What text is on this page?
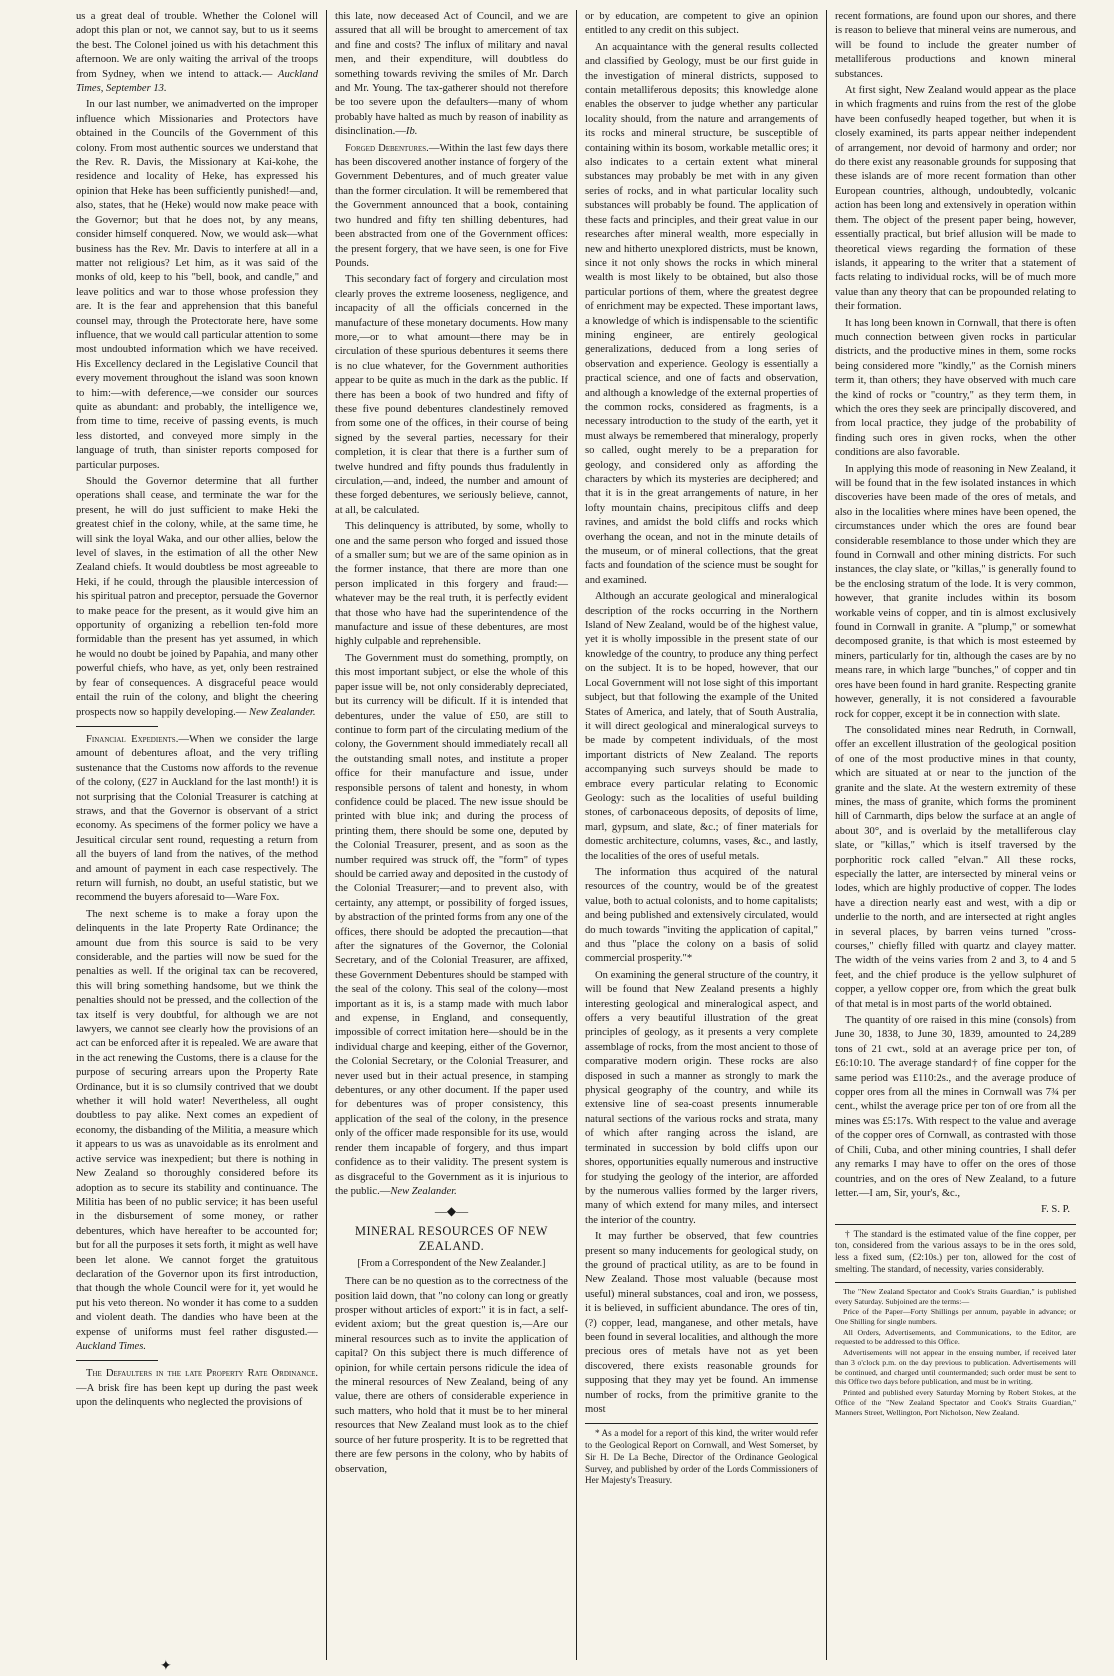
us a great deal of trouble. Whether the Colonel will adopt this plan or not, we cannot say, but to us it seems the best. The Colonel joined us with his detachment this afternoon. We are only waiting the arrival of the troops from Sydney, when we intend to attack.— Auckland Times, September 13.

In our last number, we animadverted on the improper influence which Missionaries and Protectors have obtained in the Councils of the Government of this colony. From most authentic sources we understand that the Rev. R. Davis, the Missionary at Kai-kohe, the residence and locality of Heke, has expressed his opinion that Heke has been sufficiently punished!—and, also, states, that he (Heke) would now make peace with the Governor; but that he does not, by any means, consider himself conquered. Now, we would ask—what business has the Rev. Mr. Davis to interfere at all in a matter not religious? Let him, as it was said of the monks of old, keep to his "bell, book, and candle," and leave politics and war to those whose profession they are. It is the fear and apprehension that this baneful counsel may, through the Protectorate here, have some influence, that we would call particular attention to some most undoubted information which we have received. His Excellency declared in the Legislative Council that every movement throughout the island was soon known to him:—with deference,—we consider our sources quite as abundant: and probably, the intelligence we, from time to time, receive of passing events, is much less distorted, and conveyed more simply in the language of truth, than sinister reports composed for particular purposes.

Should the Governor determine that all further operations shall cease, and terminate the war for the present, he will do just sufficient to make Heki the greatest chief in the colony, while, at the same time, he will sink the loyal Waka, and our other allies, below the level of slaves, in the estimation of all the other New Zealand chiefs. It would doubtless be most agreeable to Heki, if he could, through the plausible intercession of his spiritual patron and preceptor, persuade the Governor to make peace for the present, as it would give him an opportunity of organizing a rebellion ten-fold more formidable than the present has yet assumed, in which he would no doubt be joined by Papahia, and many other powerful chiefs, who have, as yet, only been restrained by fear of consequences. A disgraceful peace would entail the ruin of the colony, and blight the cheering prospects now so happily developing.— New Zealander.

Financial Expedients.—When we consider the large amount of debentures afloat, and the very trifling sustenance that the Customs now affords to the revenue of the colony, (£27 in Auckland for the last month!) it is not surprising that the Colonial Treasurer is catching at straws, and that the Governor is observant of a strict economy. As specimens of the former policy we have a Jesuitical circular sent round, requesting a return from all the buyers of land from the natives, of the method and amount of payment in each case respectively. The return will furnish, no doubt, an useful statistic, but we recommend the buyers aforesaid to—Ware Fox.

The next scheme is to make a foray upon the delinquents in the late Property Rate Ordinance; the amount due from this source is said to be very considerable, and the parties will now be sued for the penalties as well. If the original tax can be recovered, this will bring something handsome, but we think the penalties should not be pressed, and the collection of the tax itself is very doubtful, for although we are not lawyers, we cannot see clearly how the provisions of an act can be enforced after it is repealed. We are aware that in the act renewing the Customs, there is a clause for the purpose of securing arrears upon the Property Rate Ordinance, but it is so clumsily contrived that we doubt whether it will hold water! Nevertheless, all ought doubtless to pay alike. Next comes an expedient of economy, the disbanding of the Militia, a measure which it appears to us was as unavoidable as its enrolment and active service was inexpedient; but there is nothing in New Zealand so thoroughly considered before its adoption as to secure its stability and continuance. The Militia has been of no public service; it has been useful in the disbursement of some money, or rather debentures, which have hereafter to be accounted for; but for all the purposes it sets forth, it might as well have been let alone. We cannot forget the gratuitous declaration of the Governor upon its first introduction, that though the whole Council were for it, yet would he put his veto thereon. No wonder it has come to a sudden and violent death. The dandies who have been at the expense of uniforms must feel rather disgusted.—Auckland Times.

The Defaulters in the late Property Rate Ordinance.—A brisk fire has been kept up during the past week upon the delinquents who neglected the provisions of

this late, now deceased Act of Council, and we are assured that all will be brought to amercement of tax and fine and costs? The influx of military and naval men, and their expenditure, will doubtless do something towards reviving the smiles of Mr. Darch and Mr. Young. The tax-gatherer should not therefore be too severe upon the defaulters—many of whom probably have halted as much by reason of inability as disinclination.—Ib.

Forged Debentures.—Within the last few days there has been discovered another instance of forgery of the Government Debentures, and of much greater value than the former circulation. It will be remembered that the Government announced that a book, containing two hundred and fifty ten shilling debentures, had been abstracted from one of the Government offices: the present forgery, that we have seen, is one for Five Pounds.

This secondary fact of forgery and circulation most clearly proves the extreme looseness, negligence, and incapacity of all the officials concerned in the manufacture of these monetary documents. How many more,—or to what amount—there may be in circulation of these spurious debentures it seems there is no clue whatever, for the Government authorities appear to be quite as much in the dark as the public. If there has been a book of two hundred and fifty of these five pound debentures clandestinely removed from some one of the offices, in their course of being signed by the several parties, necessary for their completion, it is clear that there is a further sum of twelve hundred and fifty pounds thus fradulently in circulation,—and, indeed, the number and amount of these forged debentures, we seriously believe, cannot, at all, be calculated.

This delinquency is attributed, by some, wholly to one and the same person who forged and issued those of a smaller sum; but we are of the same opinion as in the former instance, that there are more than one person implicated in this forgery and fraud:—whatever may be the real truth, it is perfectly evident that those who have had the superintendence of the manufacture and issue of these debentures, are most highly culpable and reprehensible.

The Government must do something, promptly, on this most important subject, or else the whole of this paper issue will be, not only considerably depreciated, but its currency will be dificult. If it is intended that debentures, under the value of £50, are still to continue to form part of the circulating medium of the colony, the Government should immediately recall all the outstanding small notes, and institute a proper office for their manufacture and issue, under responsible persons of talent and honesty, in whom confidence could be placed. The new issue should be printed with blue ink; and during the process of printing them, there should be some one, deputed by the Colonial Treasurer, present, and as soon as the number required was struck off, the "form" of types should be carried away and deposited in the custody of the Colonial Treasurer;—and to prevent also, with certainty, any attempt, or possibility of forged issues, by abstraction of the printed forms from any one of the offices, there should be adopted the precaution—that after the signatures of the Governor, the Colonial Secretary, and of the Colonial Treasurer, are affixed, these Government Debentures should be stamped with the seal of the colony. This seal of the colony—most important as it is, is a stamp made with much labor and expense, in England, and consequently, impossible of correct imitation here—should be in the individual charge and keeping, either of the Governor, the Colonial Secretary, or the Colonial Treasurer, and never used but in their actual presence, in stamping debentures, or any other document. If the paper used for debentures was of proper consistency, this application of the seal of the colony, in the presence only of the officer made responsible for its use, would render them incapable of forgery, and thus impart confidence as to their validity. The present system is as disgraceful to the Government as it is injurious to the public.—New Zealander.

—◆—

MINERAL RESOURCES OF NEW ZEALAND.

[From a Correspondent of the New Zealander.]

There can be no question as to the correctness of the position laid down, that "no colony can long or greatly prosper without articles of export:" it is in fact, a self-evident axiom; but the great question is,—Are our mineral resources such as to invite the application of capital? On this subject there is much difference of opinion, for while certain persons ridicule the idea of the mineral resources of New Zealand, being of any value, there are others of considerable experience in such matters, who hold that it must be to her mineral resources that New Zealand must look as to the chief source of her future prosperity. It is to be regretted that there are few persons in the colony, who by habits of observation,

or by education, are competent to give an opinion entitled to any credit on this subject.

An acquaintance with the general results collected and classified by Geology, must be our first guide in the investigation of mineral districts, supposed to contain metalliferous deposits; this knowledge alone enables the observer to judge whether any particular locality should, from the nature and arrangements of its rocks and mineral structure, be susceptible of containing within its bosom, workable metallic ores; it also indicates to a certain extent what mineral substances may probably be met with in any given series of rocks, and in what particular locality such substances will probably be found. The application of these facts and principles, and their great value in our researches after mineral wealth, more especially in new and hitherto unexplored districts, must be known, since it not only shows the rocks in which mineral wealth is most likely to be obtained, but also those particular portions of them, where the greatest degree of enrichment may be expected. These important laws, a knowledge of which is indispensable to the scientific mining engineer, are entirely geological generalizations, deduced from a long series of observation and experience. Geology is essentially a practical science, and one of facts and observation, and although a knowledge of the external properties of the common rocks, considered as fragments, is a necessary introduction to the study of the earth, yet it must always be remembered that mineralogy, properly so called, ought merely to be a preparation for geology, and considered only as affording the characters by which its mysteries are deciphered; and that it is in the great arrangements of nature, in her lofty mountain chains, precipitous cliffs and deep ravines, and amidst the bold cliffs and rocks which overhang the ocean, and not in the minute details of the museum, or of mineral collections, that the great facts and foundation of the science must be sought for and examined.

Although an accurate geological and mineralogical description of the rocks occurring in the Northern Island of New Zealand, would be of the highest value, yet it is wholly impossible in the present state of our knowledge of the country, to produce any thing perfect on the subject. It is to be hoped, however, that our Local Government will not lose sight of this important subject, but that following the example of the United States of America, and lately, that of South Australia, it will direct geological and mineralogical surveys to be made by competent individuals, of the most important districts of New Zealand. The reports accompanying such surveys should be made to embrace every particular relating to Economic Geology: such as the localities of useful building stones, of carbonaceous deposits, of deposits of lime, marl, gypsum, and slate, &c.; of finer materials for domestic architecture, columns, vases, &c., and lastly, the localities of the ores of useful metals.

The information thus acquired of the natural resources of the country, would be of the greatest value, both to actual colonists, and to home capitalists; and being published and extensively circulated, would do much towards "inviting the application of capital," and thus "place the colony on a basis of solid commercial prosperity."*

On examining the general structure of the country, it will be found that New Zealand presents a highly interesting geological and mineralogical aspect, and offers a very beautiful illustration of the great principles of geology, as it presents a very complete assemblage of rocks, from the most ancient to those of comparative modern origin. These rocks are also disposed in such a manner as strongly to mark the physical geography of the country, and while its extensive line of sea-coast presents innumerable natural sections of the various rocks and strata, many of which after ranging across the island, are terminated in succession by bold cliffs upon our shores, opportunities equally numerous and instructive for studying the geology of the interior, are afforded by the numerous vallies formed by the larger rivers, many of which extend for many miles, and intersect the interior of the country.

It may further be observed, that few countries present so many inducements for geological study, on the ground of practical utility, as are to be found in New Zealand. Those most valuable (because most useful) mineral substances, coal and iron, we possess, it is believed, in sufficient abundance. The ores of tin, (?) copper, lead, manganese, and other metals, have been found in several localities, and although the more precious ores of metals have not as yet been discovered, there exists reasonable grounds for supposing that they may yet be found. An immense number of rocks, from the primitive granite to the most

* As a model for a report of this kind, the writer would refer to the Geological Report on Cornwall, and West Somerset, by Sir H. De La Beche, Director of the Ordinance Geological Survey, and published by order of the Lords Commissioners of Her Majesty's Treasury.

recent formations, are found upon our shores, and there is reason to believe that mineral veins are numerous, and will be found to include the greater number of metalliferous productions and known mineral substances.

At first sight, New Zealand would appear as the place in which fragments and ruins from the rest of the globe have been confusedly heaped together, but when it is closely examined, its parts appear neither independent of arrangement, nor devoid of harmony and order; nor do there exist any reasonable grounds for supposing that these islands are of more recent formation than other European countries, although, undoubtedly, volcanic action has been long and extensively in operation within them. The object of the present paper being, however, essentially practical, but brief allusion will be made to theoretical views regarding the formation of these islands, it appearing to the writer that a statement of facts relating to individual rocks, will be of much more value than any theory that can be propounded relating to their formation.

It has long been known in Cornwall, that there is often much connection between given rocks in particular districts, and the productive mines in them, some rocks being considered more "kindly," as the Cornish miners term it, than others; they have observed with much care the kind of rocks or "country," as they term them, in which the ores they seek are principally discovered, and from local practice, they judge of the probability of finding such ores in given rocks, when the other conditions are also favorable.

In applying this mode of reasoning in New Zealand, it will be found that in the few isolated instances in which discoveries have been made of the ores of metals, and also in the localities where mines have been opened, the circumstances under which the ores are found bear considerable resemblance to those under which they are found in Cornwall and other mining districts. For such instances, the clay slate, or "killas," is generally found to be the enclosing stratum of the lode. It is very common, however, that granite includes within its bosom workable veins of copper, and tin is almost exclusively found in Cornwall in granite. A "plump," or somewhat decomposed granite, is that which is most esteemed by miners, particularly for tin, although the cases are by no means rare, in which large "bunches," of copper and tin ores have been found in hard granite. Respecting granite however, generally, it is not considered a favourable rock for copper, except it be in connection with slate.

The consolidated mines near Redruth, in Cornwall, offer an excellent illustration of the geological position of one of the most productive mines in that county, which are situated at or near to the junction of the granite and the slate. At the western extremity of these mines, the mass of granite, which forms the prominent hill of Carnmarth, dips below the surface at an angle of about 30°, and is overlaid by the metalliferous clay slate, or "killas," which is itself traversed by the porphoritic rock called "elvan." All these rocks, especially the latter, are intersected by mineral veins or lodes, which are highly productive of copper. The lodes have a direction nearly east and west, with a dip or underlie to the north, and are intersected at right angles in several places, by barren veins turned "cross-courses," chiefly filled with quartz and clayey matter. The width of the veins varies from 2 and 3, to 4 and 5 feet, and the chief produce is the yellow sulphuret of copper, a yellow copper ore, from which the great bulk of that metal is in most parts of the world obtained.

The quantity of ore raised in this mine (consols) from June 30, 1838, to June 30, 1839, amounted to 24,289 tons of 21 cwt., sold at an average price per ton, of £6:10:10. The average standard† of fine copper for the same period was £110:2s., and the average produce of copper ores from all the mines in Cornwall was 7¾ per cent., whilst the average price per ton of ore from all the mines was £5:17s. With respect to the value and average of the copper ores of Cornwall, as contrasted with those of Chili, Cuba, and other mining countries, I shall defer any remarks I may have to offer on the ores of those countries, and on the ores of New Zealand, to a future letter.—I am, Sir, your's, &c.,

F. S. P.

† The standard is the estimated value of the fine copper, per ton, considered from the various assays to be in the ores sold, less a fixed sum, (£2:10s.) per ton, allowed for the cost of smelting. The standard, of necessity, varies considerably.

The "New Zealand Spectator and Cook's Straits Guardian," is published every Saturday. Subjoined are the terms:—

Price of the Paper—Forty Shillings per annum, payable in advance; or One Shilling for single numbers.

All Orders, Advertisements, and Communications, to the Editor, are requested to be addressed to this Office.

Advertisements will not appear in the ensuing number, if received later than 3 o'clock p.m. on the day previous to publication. Advertisements will be continued, and charged until countermanded; such order must be sent to this Office two days before publication, and must be in writing.

Printed and published every Saturday Morning by Robert Stokes, at the Office of the "New Zealand Spectator and Cook's Straits Guardian," Manners Street, Wellington, Port Nicholson, New Zealand.

✦
